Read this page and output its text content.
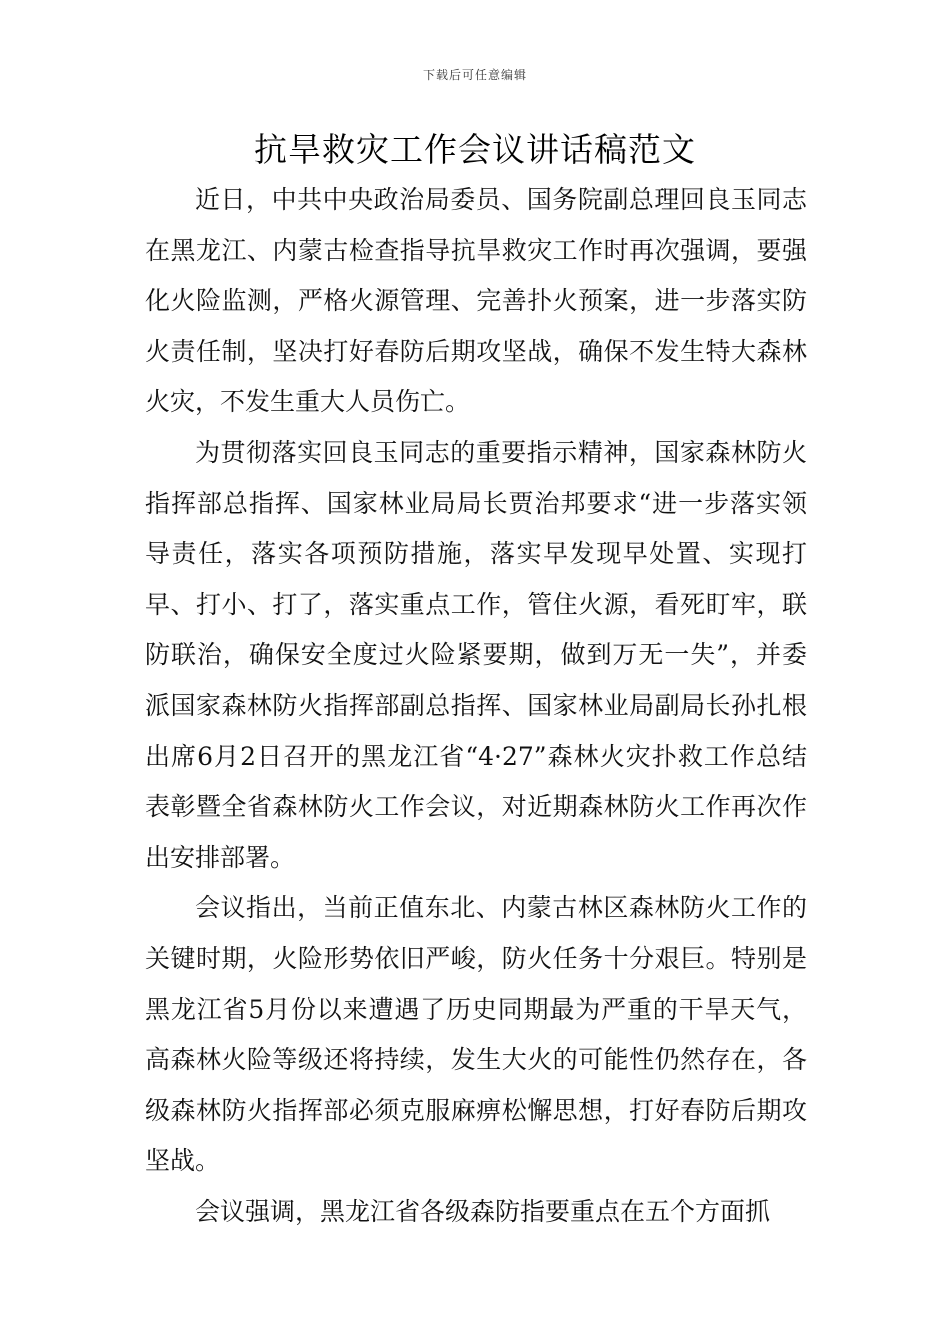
下载后可任意编辑
抗旱救灾工作会议讲话稿范文

近日，中共中央政治局委员、国务院副总理回良玉同志在黑龙江、内蒙古检查指导抗旱救灾工作时再次强调，要强化火险监测，严格火源管理、完善扑火预案，进一步落实防火责任制，坚决打好春防后期攻坚战，确保不发生特大森林火灾，不发生重大人员伤亡。

为贯彻落实回良玉同志的重要指示精神，国家森林防火指挥部总指挥、国家林业局局长贾治邦要求“进一步落实领导责任，落实各项预防措施，落实早发现早处置、实现打早、打小、打了，落实重点工作，管住火源，看死盯牢，联防联治，确保安全度过火险紧要期，做到万无一失”，并委派国家森林防火指挥部副总指挥、国家林业局副局长孙扎根出席6月2日召开的黑龙江省“4·27”森林火灾扑救工作总结表彰暨全省森林防火工作会议，对近期森林防火工作再次作出安排部署。

会议指出，当前正值东北、内蒙古林区森林防火工作的关键时期，火险形势依旧严峻，防火任务十分艰巨。特别是黑龙江省5月份以来遭遇了历史同期最为严重的干旱天气，高森林火险等级还将持续，发生大火的可能性仍然存在，各级森林防火指挥部必须克服麻痹松懈思想，打好春防后期攻坚战。

会议强调，黑龙江省各级森防指要重点在五个方面抓
